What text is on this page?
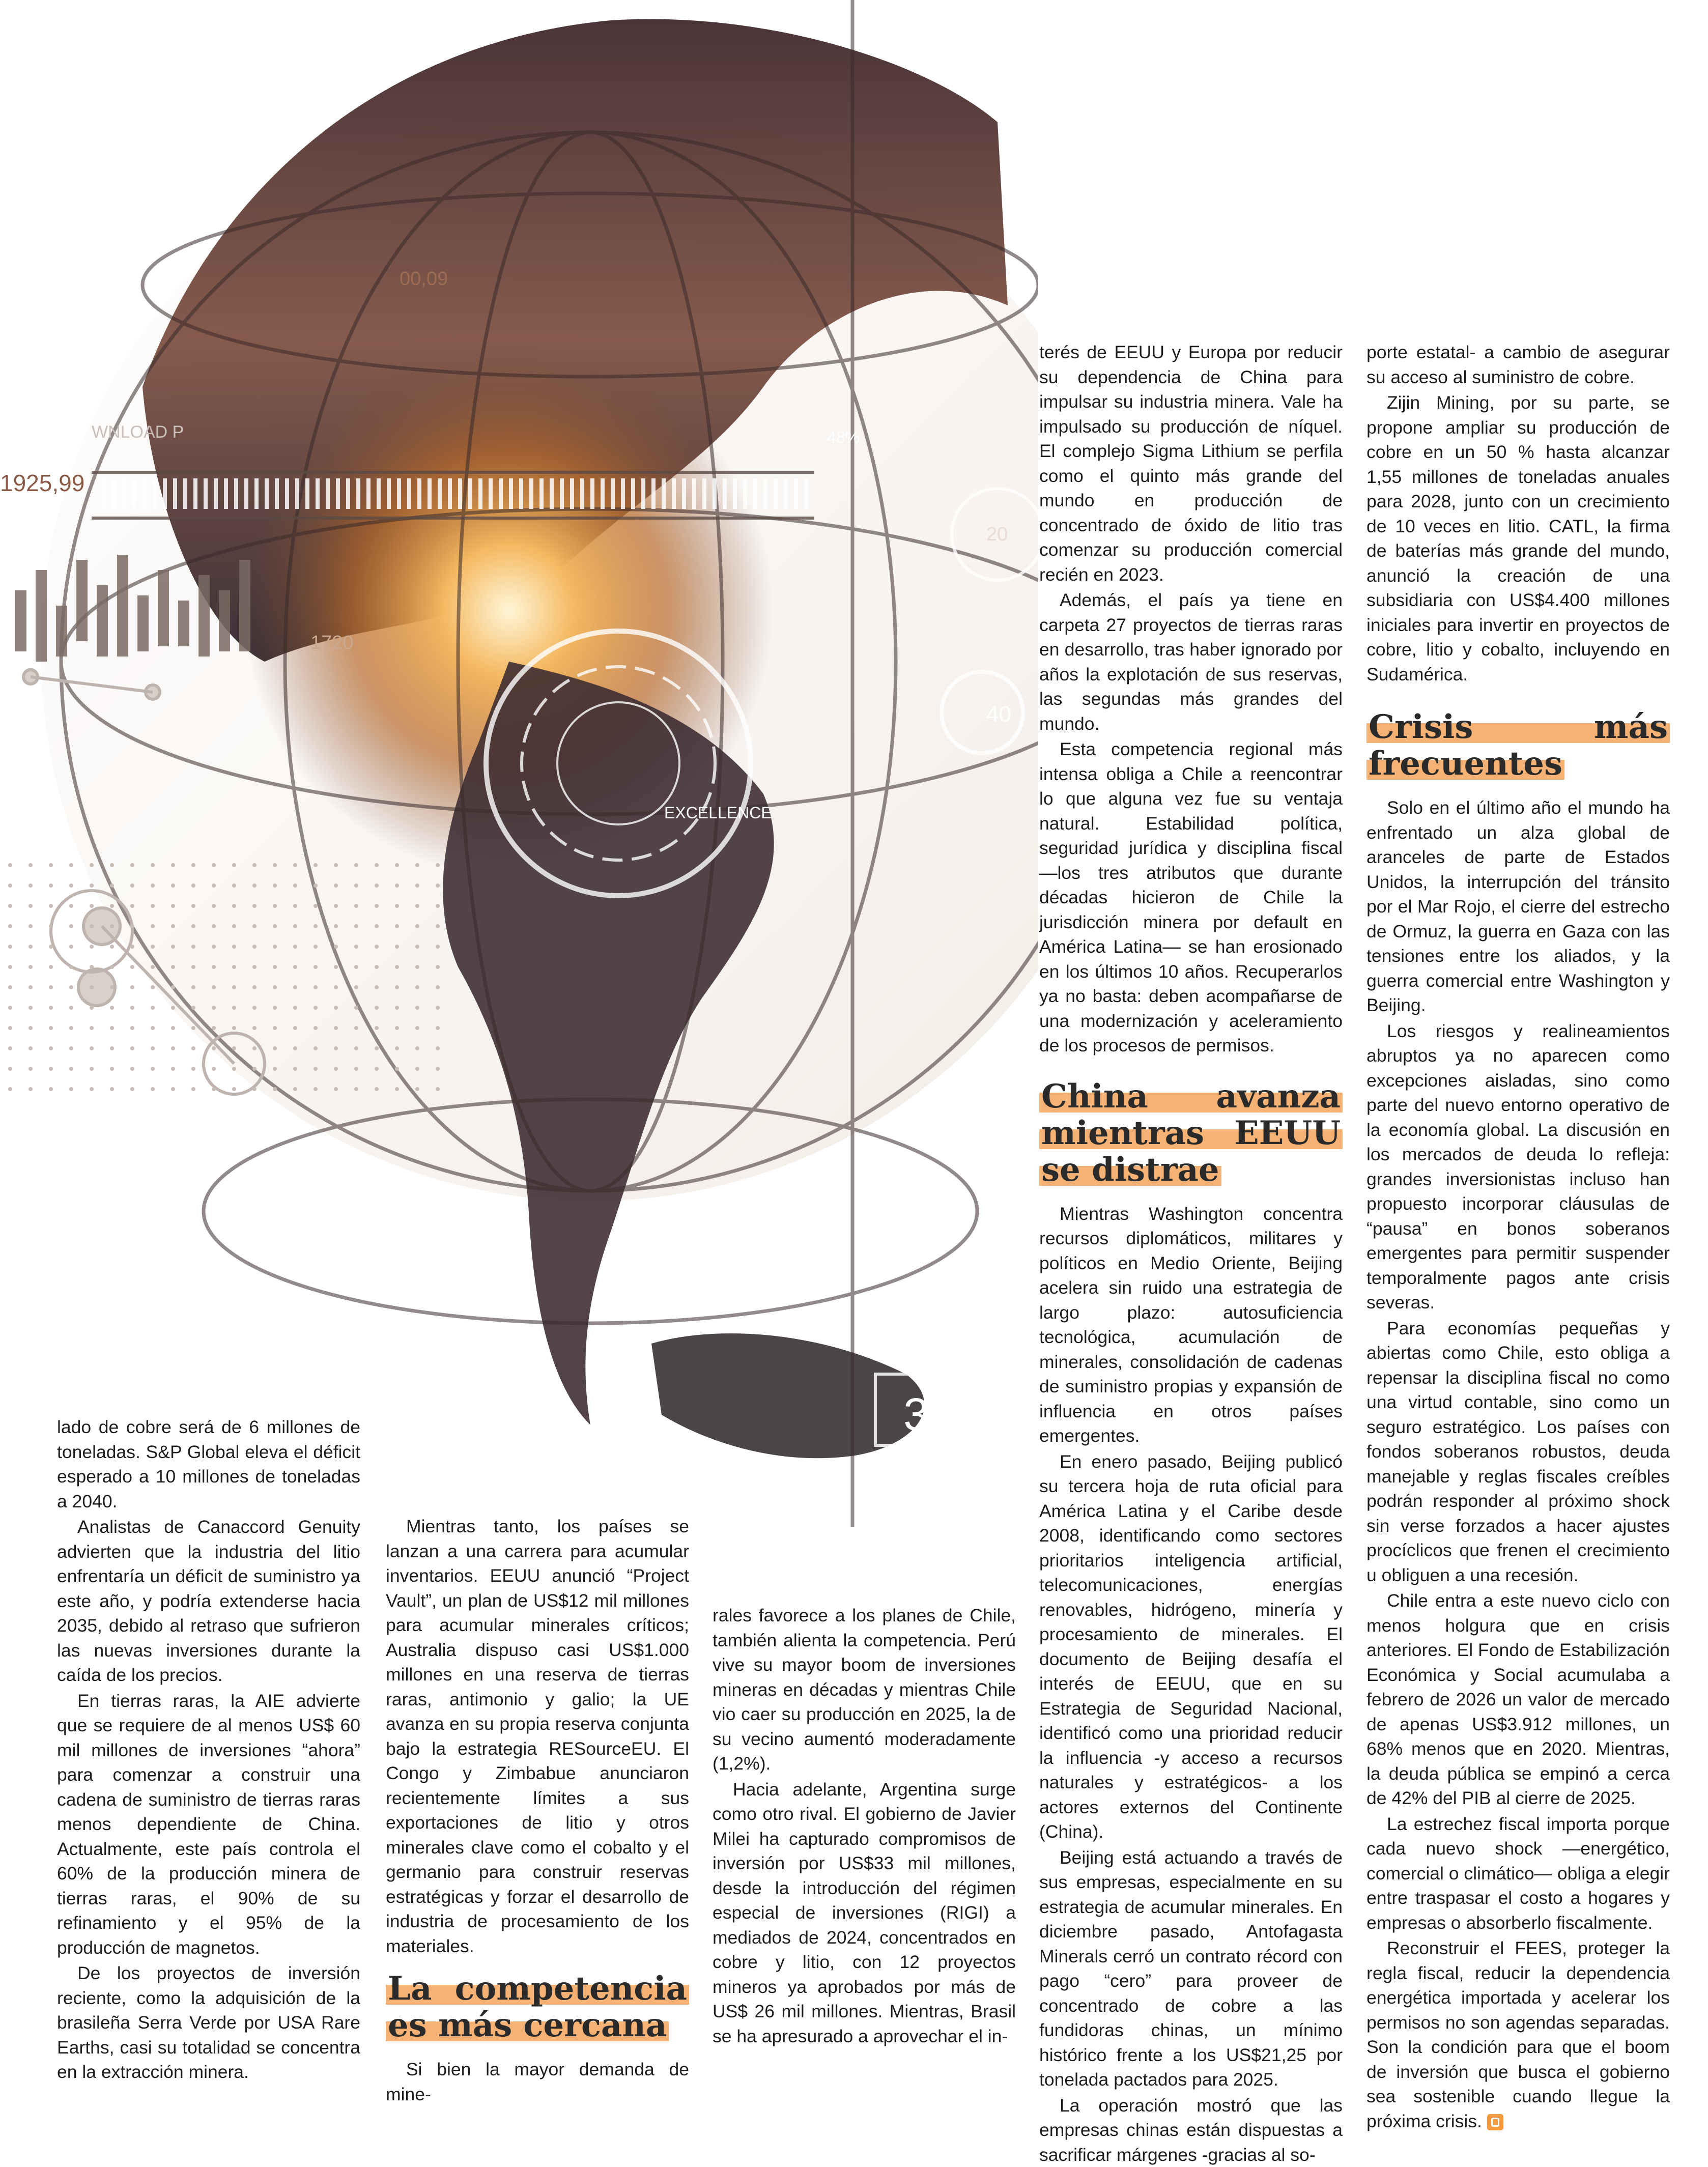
WNLOAD P
1925,99
48%
1720
20
40
EXCELLENCE
00,09
3 56789
76

lado de cobre será de 6 millones de toneladas. S&P Global eleva el déficit esperado a 10 millones de toneladas a 2040.

Analistas de Canaccord Genuity advierten que la industria del litio enfrentaría un déficit de suministro ya este año, y podría extenderse hacia 2035, debido al retraso que sufrieron las nuevas inversiones durante la caída de los precios.

En tierras raras, la AIE advierte que se requiere de al menos US$ 60 mil millones de inversiones “ahora” para comenzar a construir una cadena de suministro de tierras raras menos dependiente de China. Actualmente, este país controla el 60% de la producción minera de tierras raras, el 90% de su refinamiento y el 95% de la producción de magnetos.

De los proyectos de inversión reciente, como la adquisición de la brasileña Serra Verde por USA Rare Earths, casi su totalidad se concentra en la extracción minera.

Mientras tanto, los países se lanzan a una carrera para acumular inventarios. EEUU anunció “Project Vault”, un plan de US$12 mil millones para acumular minerales críticos; Australia dispuso casi US$1.000 millones en una reserva de tierras raras, antimonio y galio; la UE avanza en su propia reserva conjunta bajo la estrategia RESourceEU. El Congo y Zimbabue anunciaron recientemente límites a sus exportaciones de litio y otros minerales clave como el cobalto y el germanio para construir reservas estratégicas y forzar el desarrollo de industria de procesamiento de los materiales.

La competencia es más cercana

Si bien la mayor demanda de mine-

rales favorece a los planes de Chile, también alienta la competencia. Perú vive su mayor boom de inversiones mineras en décadas y mientras Chile vio caer su producción en 2025, la de su vecino aumentó moderadamente (1,2%).

Hacia adelante, Argentina surge como otro rival. El gobierno de Javier Milei ha capturado compromisos de inversión por US$33 mil millones, desde la introducción del régimen especial de inversiones (RIGI) a mediados de 2024, concentrados en cobre y litio, con 12 proyectos mineros ya aprobados por más de US$ 26 mil millones. Mientras, Brasil se ha apresurado a aprovechar el in-

terés de EEUU y Europa por reducir su dependencia de China para impulsar su industria minera. Vale ha impulsado su producción de níquel. El complejo Sigma Lithium se perfila como el quinto más grande del mundo en producción de concentrado de óxido de litio tras comenzar su producción comercial recién en 2023.

Además, el país ya tiene en carpeta 27 proyectos de tierras raras en desarrollo, tras haber ignorado por años la explotación de sus reservas, las segundas más grandes del mundo.

Esta competencia regional más intensa obliga a Chile a reencontrar lo que alguna vez fue su ventaja natural. Estabilidad política, seguridad jurídica y disciplina fiscal —los tres atributos que durante décadas hicieron de Chile la jurisdicción minera por default en América Latina— se han erosionado en los últimos 10 años. Recuperarlos ya no basta: deben acompañarse de una modernización y aceleramiento de los procesos de permisos.

China avanza mientras EEUU se distrae

Mientras Washington concentra recursos diplomáticos, militares y políticos en Medio Oriente, Beijing acelera sin ruido una estrategia de largo plazo: autosuficiencia tecnológica, acumulación de minerales, consolidación de cadenas de suministro propias y expansión de influencia en otros países emergentes.

En enero pasado, Beijing publicó su tercera hoja de ruta oficial para América Latina y el Caribe desde 2008, identificando como sectores prioritarios inteligencia artificial, telecomunicaciones, energías renovables, hidrógeno, minería y procesamiento de minerales. El documento de Beijing desafía el interés de EEUU, que en su Estrategia de Seguridad Nacional, identificó como una prioridad reducir la influencia -y acceso a recursos naturales y estratégicos- a los actores externos del Continente (China).

Beijing está actuando a través de sus empresas, especialmente en su estrategia de acumular minerales. En diciembre pasado, Antofagasta Minerals cerró un contrato récord con pago “cero” para proveer de concentrado de cobre a las fundidoras chinas, un mínimo histórico frente a los US$21,25 por tonelada pactados para 2025.

La operación mostró que las empresas chinas están dispuestas a sacrificar márgenes -gracias al so-

porte estatal- a cambio de asegurar su acceso al suministro de cobre.

Zijin Mining, por su parte, se propone ampliar su producción de cobre en un 50 % hasta alcanzar 1,55 millones de toneladas anuales para 2028, junto con un crecimiento de 10 veces en litio. CATL, la firma de baterías más grande del mundo, anunció la creación de una subsidiaria con US$4.400 millones iniciales para invertir en proyectos de cobre, litio y cobalto, incluyendo en Sudamérica.

Crisis más frecuentes

Solo en el último año el mundo ha enfrentado un alza global de aranceles de parte de Estados Unidos, la interrupción del tránsito por el Mar Rojo, el cierre del estrecho de Ormuz, la guerra en Gaza con las tensiones entre los aliados, y la guerra comercial entre Washington y Beijing.

Los riesgos y realineamientos abruptos ya no aparecen como excepciones aisladas, sino como parte del nuevo entorno operativo de la economía global. La discusión en los mercados de deuda lo refleja: grandes inversionistas incluso han propuesto incorporar cláusulas de “pausa” en bonos soberanos emergentes para permitir suspender temporalmente pagos ante crisis severas.

Para economías pequeñas y abiertas como Chile, esto obliga a repensar la disciplina fiscal no como una virtud contable, sino como un seguro estratégico. Los países con fondos soberanos robustos, deuda manejable y reglas fiscales creíbles podrán responder al próximo shock sin verse forzados a hacer ajustes procíclicos que frenen el crecimiento u obliguen a una recesión.

Chile entra a este nuevo ciclo con menos holgura que en crisis anteriores. El Fondo de Estabilización Económica y Social acumulaba a febrero de 2026 un valor de mercado de apenas US$3.912 millones, un 68% menos que en 2020. Mientras, la deuda pública se empinó a cerca de 42% del PIB al cierre de 2025.

La estrechez fiscal importa porque cada nuevo shock —energético, comercial o climático— obliga a elegir entre traspasar el costo a hogares y empresas o absorberlo fiscalmente.

Reconstruir el FEES, proteger la regla fiscal, reducir la dependencia energética importada y acelerar los permisos no son agendas separadas. Son la condición para que el boom de inversión que busca el gobierno sea sostenible cuando llegue la próxima crisis.
